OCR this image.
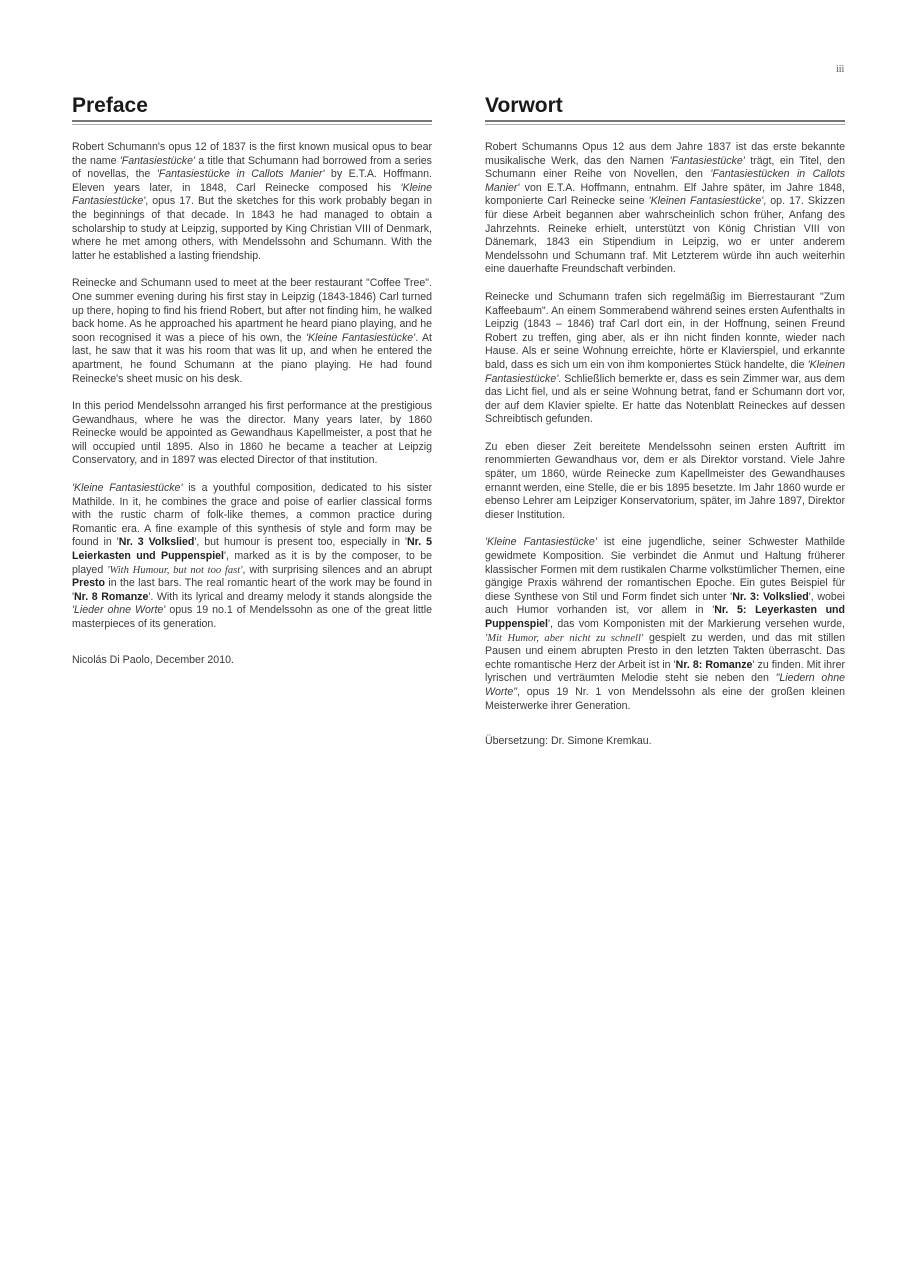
iii
Preface

Robert Schumann's opus 12 of 1837 is the first known musical opus to bear the name 'Fantasiestücke' a title that Schumann had borrowed from a series of novellas, the 'Fantasiestücke in Callots Manier' by E.T.A. Hoffmann. Eleven years later, in 1848, Carl Reinecke composed his 'Kleine Fantasiestücke', opus 17. But the sketches for this work probably began in the beginnings of that decade. In 1843 he had managed to obtain a scholarship to study at Leipzig, supported by King Christian VIII of Denmark, where he met among others, with Mendelssohn and Schumann. With the latter he established a lasting friendship.

Reinecke and Schumann used to meet at the beer restaurant "Coffee Tree". One summer evening during his first stay in Leipzig (1843-1846) Carl turned up there, hoping to find his friend Robert, but after not finding him, he walked back home. As he approached his apartment he heard piano playing, and he soon recognised it was a piece of his own, the 'Kleine Fantasiestücke'. At last, he saw that it was his room that was lit up, and when he entered the apartment, he found Schumann at the piano playing. He had found Reinecke's sheet music on his desk.

In this period Mendelssohn arranged his first performance at the prestigious Gewandhaus, where he was the director. Many years later, by 1860 Reinecke would be appointed as Gewandhaus Kapellmeister, a post that he will occupied until 1895. Also in 1860 he became a teacher at Leipzig Conservatory, and in 1897 was elected Director of that institution.

'Kleine Fantasiestücke' is a youthful composition, dedicated to his sister Mathilde. In it, he combines the grace and poise of earlier classical forms with the rustic charm of folk-like themes, a common practice during Romantic era. A fine example of this synthesis of style and form may be found in 'Nr. 3 Volkslied', but humour is present too, especially in 'Nr. 5 Leierkasten und Puppenspiel', marked as it is by the composer, to be played 'With Humour, but not too fast', with surprising silences and an abrupt Presto in the last bars. The real romantic heart of the work may be found in 'Nr. 8 Romanze'. With its lyrical and dreamy melody it stands alongside the 'Lieder ohne Worte' opus 19 no.1 of Mendelssohn as one of the great little masterpieces of its generation.

Nicolás Di Paolo, December 2010.
Vorwort

Robert Schumanns Opus 12 aus dem Jahre 1837 ist das erste bekannte musikalische Werk, das den Namen 'Fantasiestücke' trägt, ein Titel, den Schumann einer Reihe von Novellen, den 'Fantasiestücken in Callots Manier' von E.T.A. Hoffmann, entnahm. Elf Jahre später, im Jahre 1848, komponierte Carl Reinecke seine 'Kleinen Fantasiestücke', op. 17. Skizzen für diese Arbeit begannen aber wahrscheinlich schon früher, Anfang des Jahrzehnts. Reineke erhielt, unterstützt von König Christian VIII von Dänemark, 1843 ein Stipendium in Leipzig, wo er unter anderem Mendelssohn und Schumann traf. Mit Letzterem würde ihn auch weiterhin eine dauerhafte Freundschaft verbinden.

Reinecke und Schumann trafen sich regelmäßig im Bierrestaurant "Zum Kaffeebaum". An einem Sommerabend während seines ersten Aufenthalts in Leipzig (1843 – 1846) traf Carl dort ein, in der Hoffnung, seinen Freund Robert zu treffen, ging aber, als er ihn nicht finden konnte, wieder nach Hause. Als er seine Wohnung erreichte, hörte er Klavierspiel, und erkannte bald, dass es sich um ein von ihm komponiertes Stück handelte, die 'Kleinen Fantasiestücke'. Schließlich bemerkte er, dass es sein Zimmer war, aus dem das Licht fiel, und als er seine Wohnung betrat, fand er Schumann dort vor, der auf dem Klavier spielte. Er hatte das Notenblatt Reineckes auf dessen Schreibtisch gefunden.

Zu eben dieser Zeit bereitete Mendelssohn seinen ersten Auftritt im renommierten Gewandhaus vor, dem er als Direktor vorstand. Viele Jahre später, um 1860, würde Reinecke zum Kapellmeister des Gewandhauses ernannt werden, eine Stelle, die er bis 1895 besetzte. Im Jahr 1860 wurde er ebenso Lehrer am Leipziger Konservatorium, später, im Jahre 1897, Direktor dieser Institution.

'Kleine Fantasiestücke' ist eine jugendliche, seiner Schwester Mathilde gewidmete Komposition. Sie verbindet die Anmut und Haltung früherer klassischer Formen mit dem rustikalen Charme volkstümlicher Themen, eine gängige Praxis während der romantischen Epoche. Ein gutes Beispiel für diese Synthese von Stil und Form findet sich unter 'Nr. 3: Volkslied', wobei auch Humor vorhanden ist, vor allem in 'Nr. 5: Leyerkasten und Puppenspiel', das vom Komponisten mit der Markierung versehen wurde, 'Mit Humor, aber nicht zu schnell' gespielt zu werden, und das mit stillen Pausen und einem abrupten Presto in den letzten Takten überrascht. Das echte romantische Herz der Arbeit ist in 'Nr. 8: Romanze' zu finden. Mit ihrer lyrischen und verträumten Melodie steht sie neben den "Liedern ohne Worte", opus 19 Nr. 1 von Mendelssohn als eine der großen kleinen Meisterwerke ihrer Generation.

Übersetzung: Dr. Simone Kremkau.
